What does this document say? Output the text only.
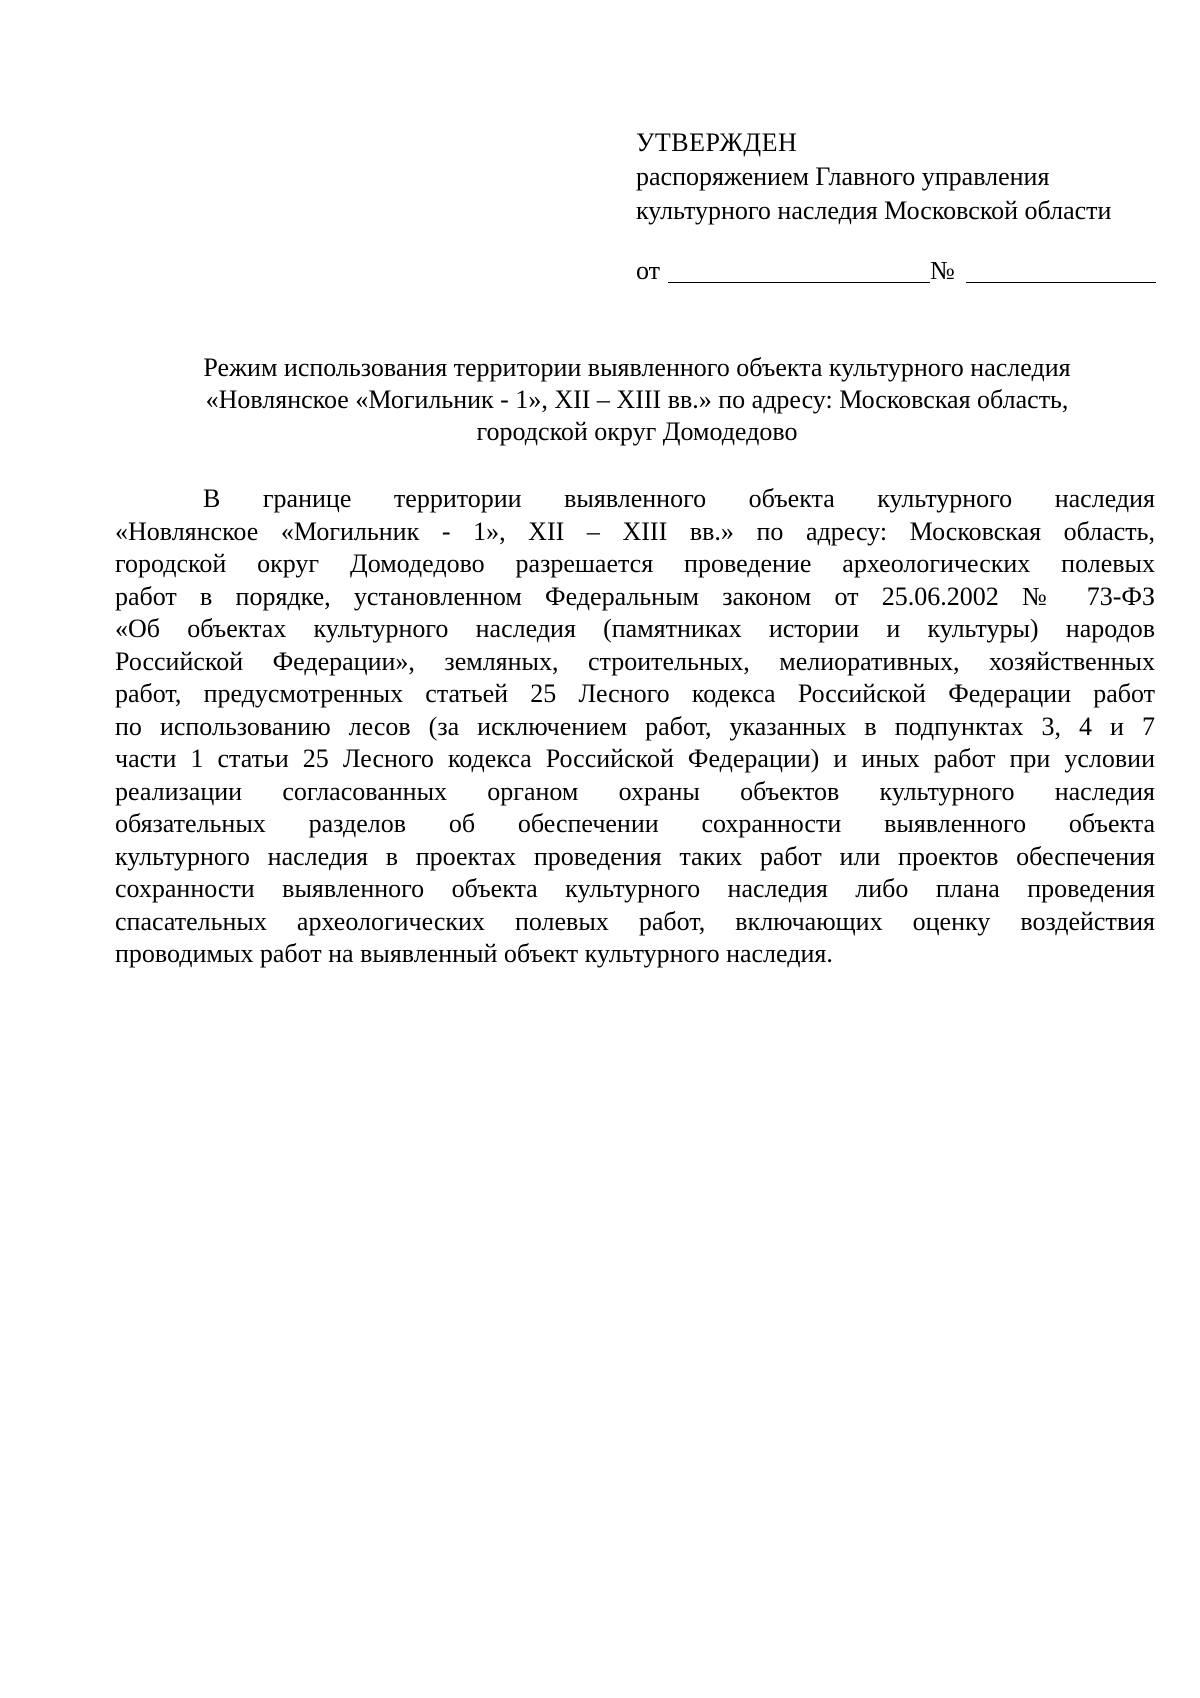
УТВЕРЖДЕН
распоряжением Главного управления
культурного наследия Московской области
от	№
Режим использования территории выявленного объекта культурного наследия
«Новлянское «Могильник - 1», XII – XIII вв.» по адресу: Московская область,
городской округ Домодедово
В границе территории выявленного объекта культурного наследия
«Новлянское «Могильник - 1», XII – XIII вв.» по адресу: Московская область,
городской округ Домодедово разрешается проведение археологических полевых
работ в порядке, установленном Федеральным законом от 25.06.2002 № 73-ФЗ
«Об объектах культурного наследия (памятниках истории и культуры) народов
Российской Федерации», земляных, строительных, мелиоративных, хозяйственных
работ, предусмотренных статьей 25 Лесного кодекса Российской Федерации работ
по использованию лесов (за исключением работ, указанных в подпунктах 3, 4 и 7
части 1 статьи 25 Лесного кодекса Российской Федерации) и иных работ при условии
реализации согласованных органом охраны объектов культурного наследия
обязательных разделов об обеспечении сохранности выявленного объекта
культурного наследия в проектах проведения таких работ или проектов обеспечения
сохранности выявленного объекта культурного наследия либо плана проведения
спасательных археологических полевых работ, включающих оценку воздействия
проводимых работ на выявленный объект культурного наследия.
